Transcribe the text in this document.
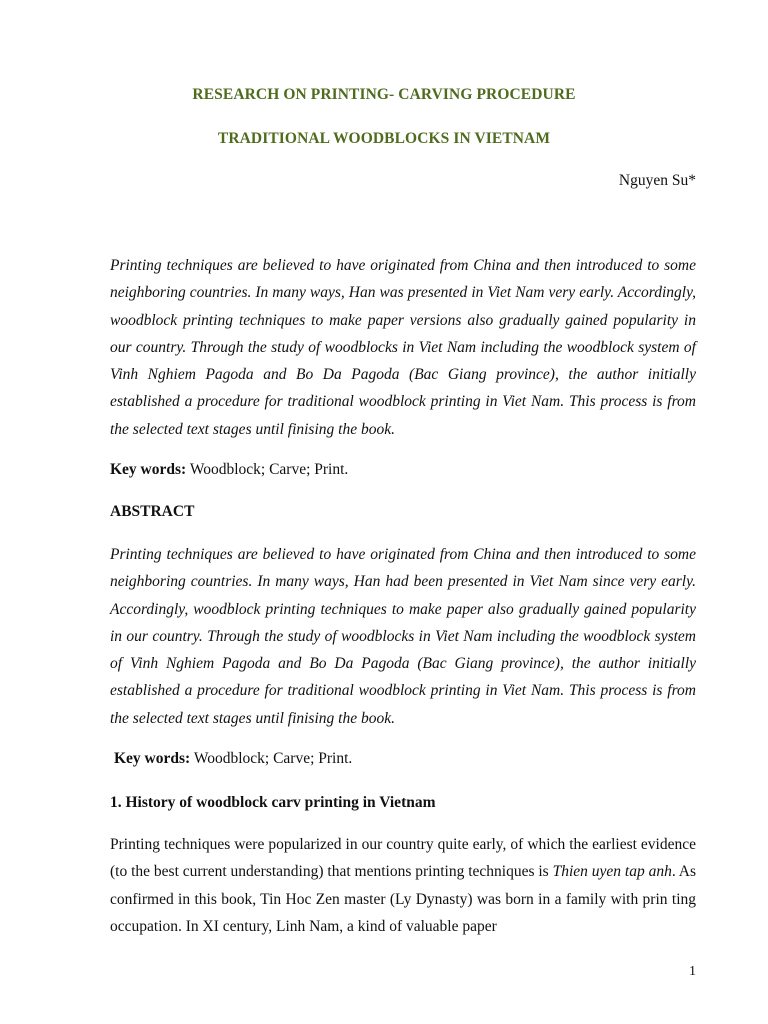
RESEARCH ON PRINTING- CARVING PROCEDURE
TRADITIONAL WOODBLOCKS IN VIETNAM
Nguyen Su*

Printing techniques are believed to have originated from China and then introduced to some neighboring countries. In many ways, Han was presented in Viet Nam very early. Accordingly, woodblock printing techniques to make paper versions also gradually gained popularity in our country. Through the study of woodblocks in Viet Nam including the woodblock system of Vinh Nghiem Pagoda and Bo Da Pagoda (Bac Giang province), the author initially established a procedure for traditional woodblock printing in Viet Nam. This process is from the selected text stages until finising the book.

Key words: Woodblock; Carve; Print.
ABSTRACT

Printing techniques are believed to have originated from China and then introduced to some neighboring countries. In many ways, Han had been presented in Viet Nam since very early. Accordingly, woodblock printing techniques to make paper also gradually gained popularity in our country. Through the study of woodblocks in Viet Nam including the woodblock system of Vinh Nghiem Pagoda and Bo Da Pagoda (Bac Giang province), the author initially established a procedure for traditional woodblock printing in Viet Nam. This process is from the selected text stages until finising the book.

Key words: Woodblock; Carve; Print.
1. History of woodblock carv printing in Vietnam

Printing techniques were popularized in our country quite early, of which the earliest evidence (to the best current understanding) that mentions printing techniques is Thien uyen tap anh. As confirmed in this book, Tin Hoc Zen master (Ly Dynasty) was born in a family with prin ting occupation. In XI century, Linh Nam, a kind of valuable paper

1
